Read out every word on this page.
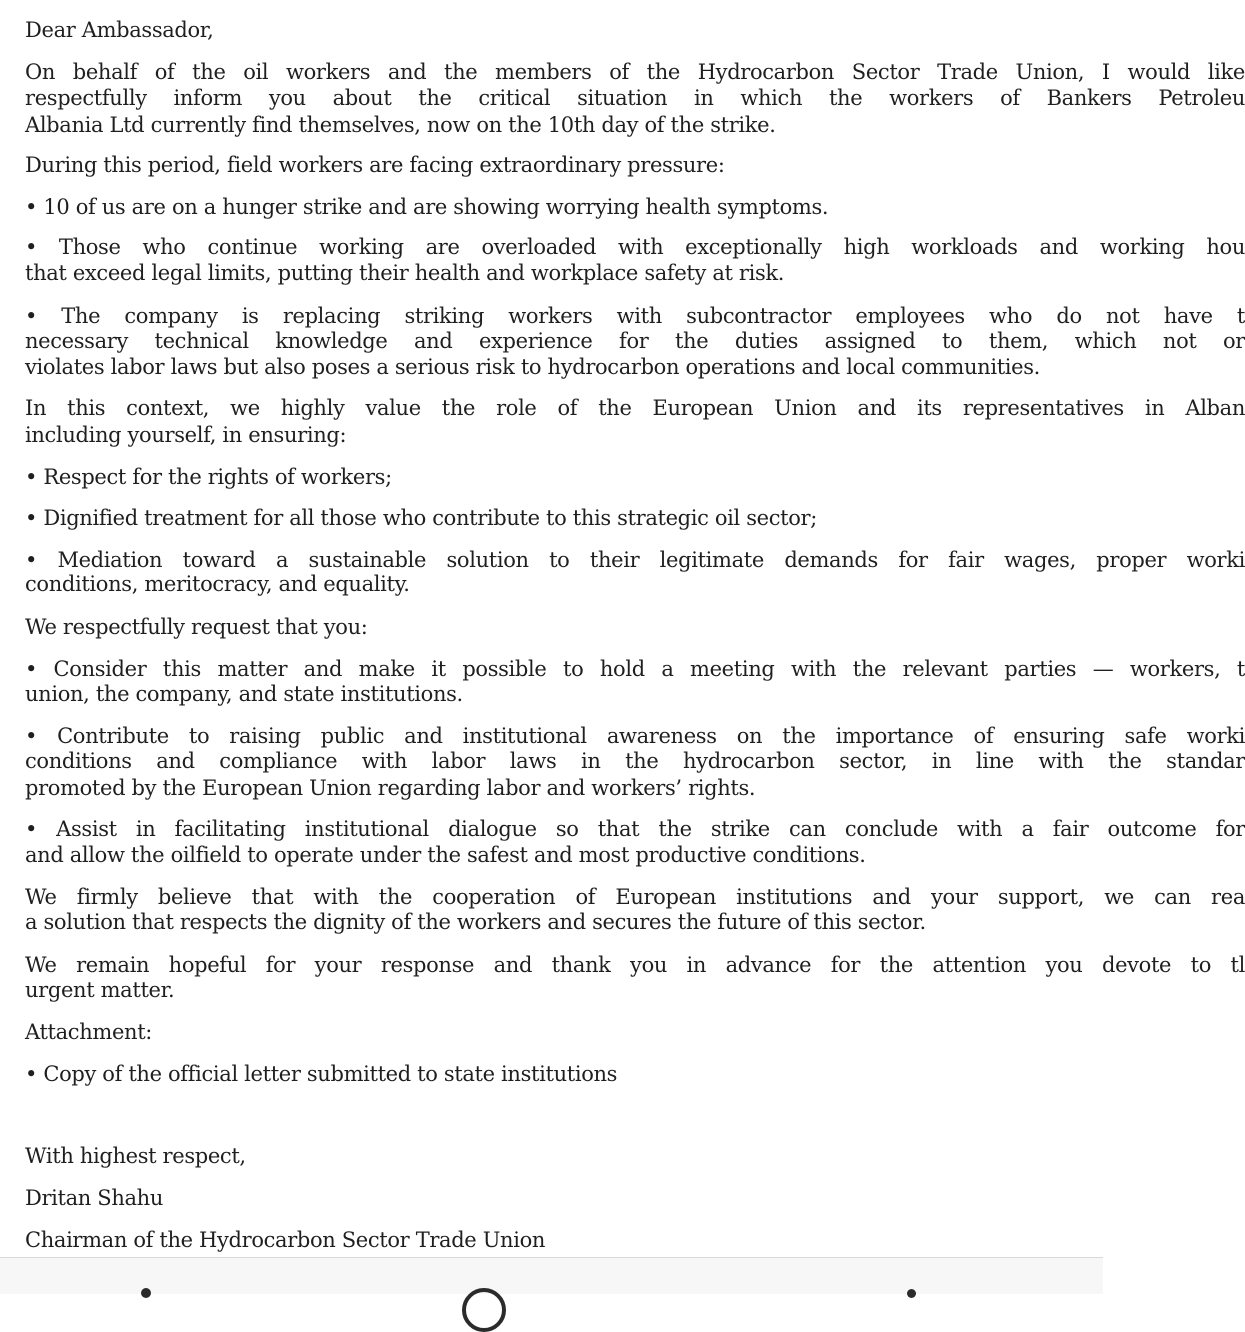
Dear Ambassador,
On behalf of the oil workers and the members of the Hydrocarbon Sector Trade Union, I would like
respectfully inform you about the critical situation in which the workers of Bankers Petroleu
Albania Ltd currently find themselves, now on the 10th day of the strike.
During this period, field workers are facing extraordinary pressure:
• 10 of us are on a hunger strike and are showing worrying health symptoms.
• Those who continue working are overloaded with exceptionally high workloads and working hou
that exceed legal limits, putting their health and workplace safety at risk.
• The company is replacing striking workers with subcontractor employees who do not have t
necessary technical knowledge and experience for the duties assigned to them, which not or
violates labor laws but also poses a serious risk to hydrocarbon operations and local communities.
In this context, we highly value the role of the European Union and its representatives in Alban
including yourself, in ensuring:
• Respect for the rights of workers;
• Dignified treatment for all those who contribute to this strategic oil sector;
• Mediation toward a sustainable solution to their legitimate demands for fair wages, proper worki
conditions, meritocracy, and equality.
We respectfully request that you:
• Consider this matter and make it possible to hold a meeting with the relevant parties — workers, t
union, the company, and state institutions.
• Contribute to raising public and institutional awareness on the importance of ensuring safe worki
conditions and compliance with labor laws in the hydrocarbon sector, in line with the standar
promoted by the European Union regarding labor and workers’ rights.
• Assist in facilitating institutional dialogue so that the strike can conclude with a fair outcome for
and allow the oilfield to operate under the safest and most productive conditions.
We firmly believe that with the cooperation of European institutions and your support, we can rea
a solution that respects the dignity of the workers and secures the future of this sector.
We remain hopeful for your response and thank you in advance for the attention you devote to tl
urgent matter.
Attachment:
• Copy of the official letter submitted to state institutions
With highest respect,
Dritan Shahu
Chairman of the Hydrocarbon Sector Trade Union
